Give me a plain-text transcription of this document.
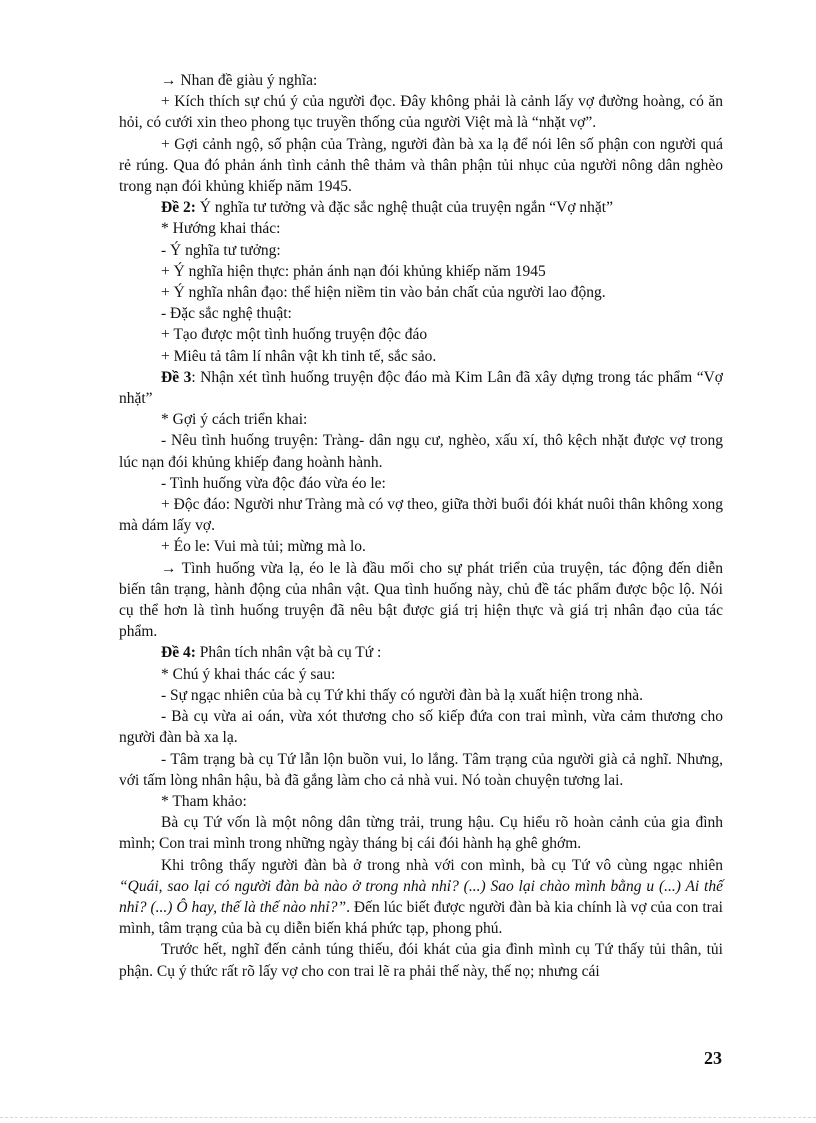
→ Nhan đề giàu ý nghĩa:

+ Kích thích sự chú ý của người đọc. Đây không phải là cảnh lấy vợ đường hoàng, có ăn hỏi, có cưới xin theo phong tục truyền thống của người Việt mà là “nhặt vợ”.

+ Gợi cảnh ngộ, số phận của Tràng, người đàn bà xa lạ để nói lên số phận con người quá rẻ rúng. Qua đó phản ánh tình cảnh thê thảm và thân phận tủi nhục của người nông dân nghèo trong nạn đói khủng khiếp năm 1945.

Đề 2: Ý nghĩa tư tưởng và đặc sắc nghệ thuật của truyện ngắn “Vợ nhặt”

* Hướng khai thác:

- Ý nghĩa tư tưởng:

+ Ý nghĩa hiện thực: phản ánh nạn đói khủng khiếp năm 1945

+ Ý nghĩa nhân đạo: thể hiện niềm tin vào bản chất của người lao động.

- Đặc sắc nghệ thuật:

+ Tạo được một tình huống truyện độc đáo

+ Miêu tả tâm lí nhân vật kh tinh tế, sắc sảo.

Đề 3: Nhận xét tình huống truyện độc đáo mà Kim Lân đã xây dựng trong tác phẩm “Vợ nhặt”

* Gợi ý cách triển khai:

- Nêu tình huống truyện: Tràng- dân ngụ cư, nghèo, xấu xí, thô kệch nhặt được vợ trong lúc nạn đói khủng khiếp đang hoành hành.

- Tình huống vừa độc đáo vừa éo le:

+ Độc đáo: Người như Tràng mà có vợ theo, giữa thời buổi đói khát nuôi thân không xong mà dám lấy vợ.

+ Éo le: Vui mà tủi; mừng mà lo.

→ Tình huống vừa lạ, éo le là đầu mối cho sự phát triển của truyện, tác động đến diễn biến tân trạng, hành động của nhân vật. Qua tình huống này, chủ đề tác phẩm được bộc lộ. Nói cụ thể hơn là tình huống truyện đã nêu bật được giá trị hiện thực và giá trị nhân đạo của tác phẩm.

Đề 4: Phân tích nhân vật bà cụ Tứ :

* Chú ý khai thác các ý sau:

- Sự ngạc nhiên của bà cụ Tứ khi thấy có người đàn bà lạ xuất hiện trong nhà.

- Bà cụ vừa ai oán, vừa xót thương cho số kiếp đứa con trai mình, vừa cảm thương cho người đàn bà xa lạ.

- Tâm trạng bà cụ Tứ lẫn lộn buồn vui, lo lắng. Tâm trạng của người già cả nghĩ. Nhưng, với tấm lòng nhân hậu, bà đã gắng làm cho cả nhà vui. Nó toàn chuyện tương lai.

* Tham khảo:

Bà cụ Tứ vốn là một nông dân từng trải, trung hậu. Cụ hiểu rõ hoàn cảnh của gia đình mình; Con trai mình trong những ngày tháng bị cái đói hành hạ ghê ghớm.

Khi trông thấy người đàn bà ở trong nhà với con mình, bà cụ Tứ vô cùng ngạc nhiên “Quái, sao lại có người đàn bà nào ở trong nhà nhỉ? (...) Sao lại chào mình bằng u (...) Ai thế nhỉ? (...) Ô hay, thế là thế nào nhỉ?”. Đến lúc biết được người đàn bà kia chính là vợ của con trai mình, tâm trạng của bà cụ diễn biến khá phức tạp, phong phú.

Trước hết, nghĩ đến cảnh túng thiếu, đói khát của gia đình mình cụ Tứ thấy tủi thân, tủi phận. Cụ ý thức rất rõ lấy vợ cho con trai lẽ ra phải thế này, thế nọ; nhưng cái

23
